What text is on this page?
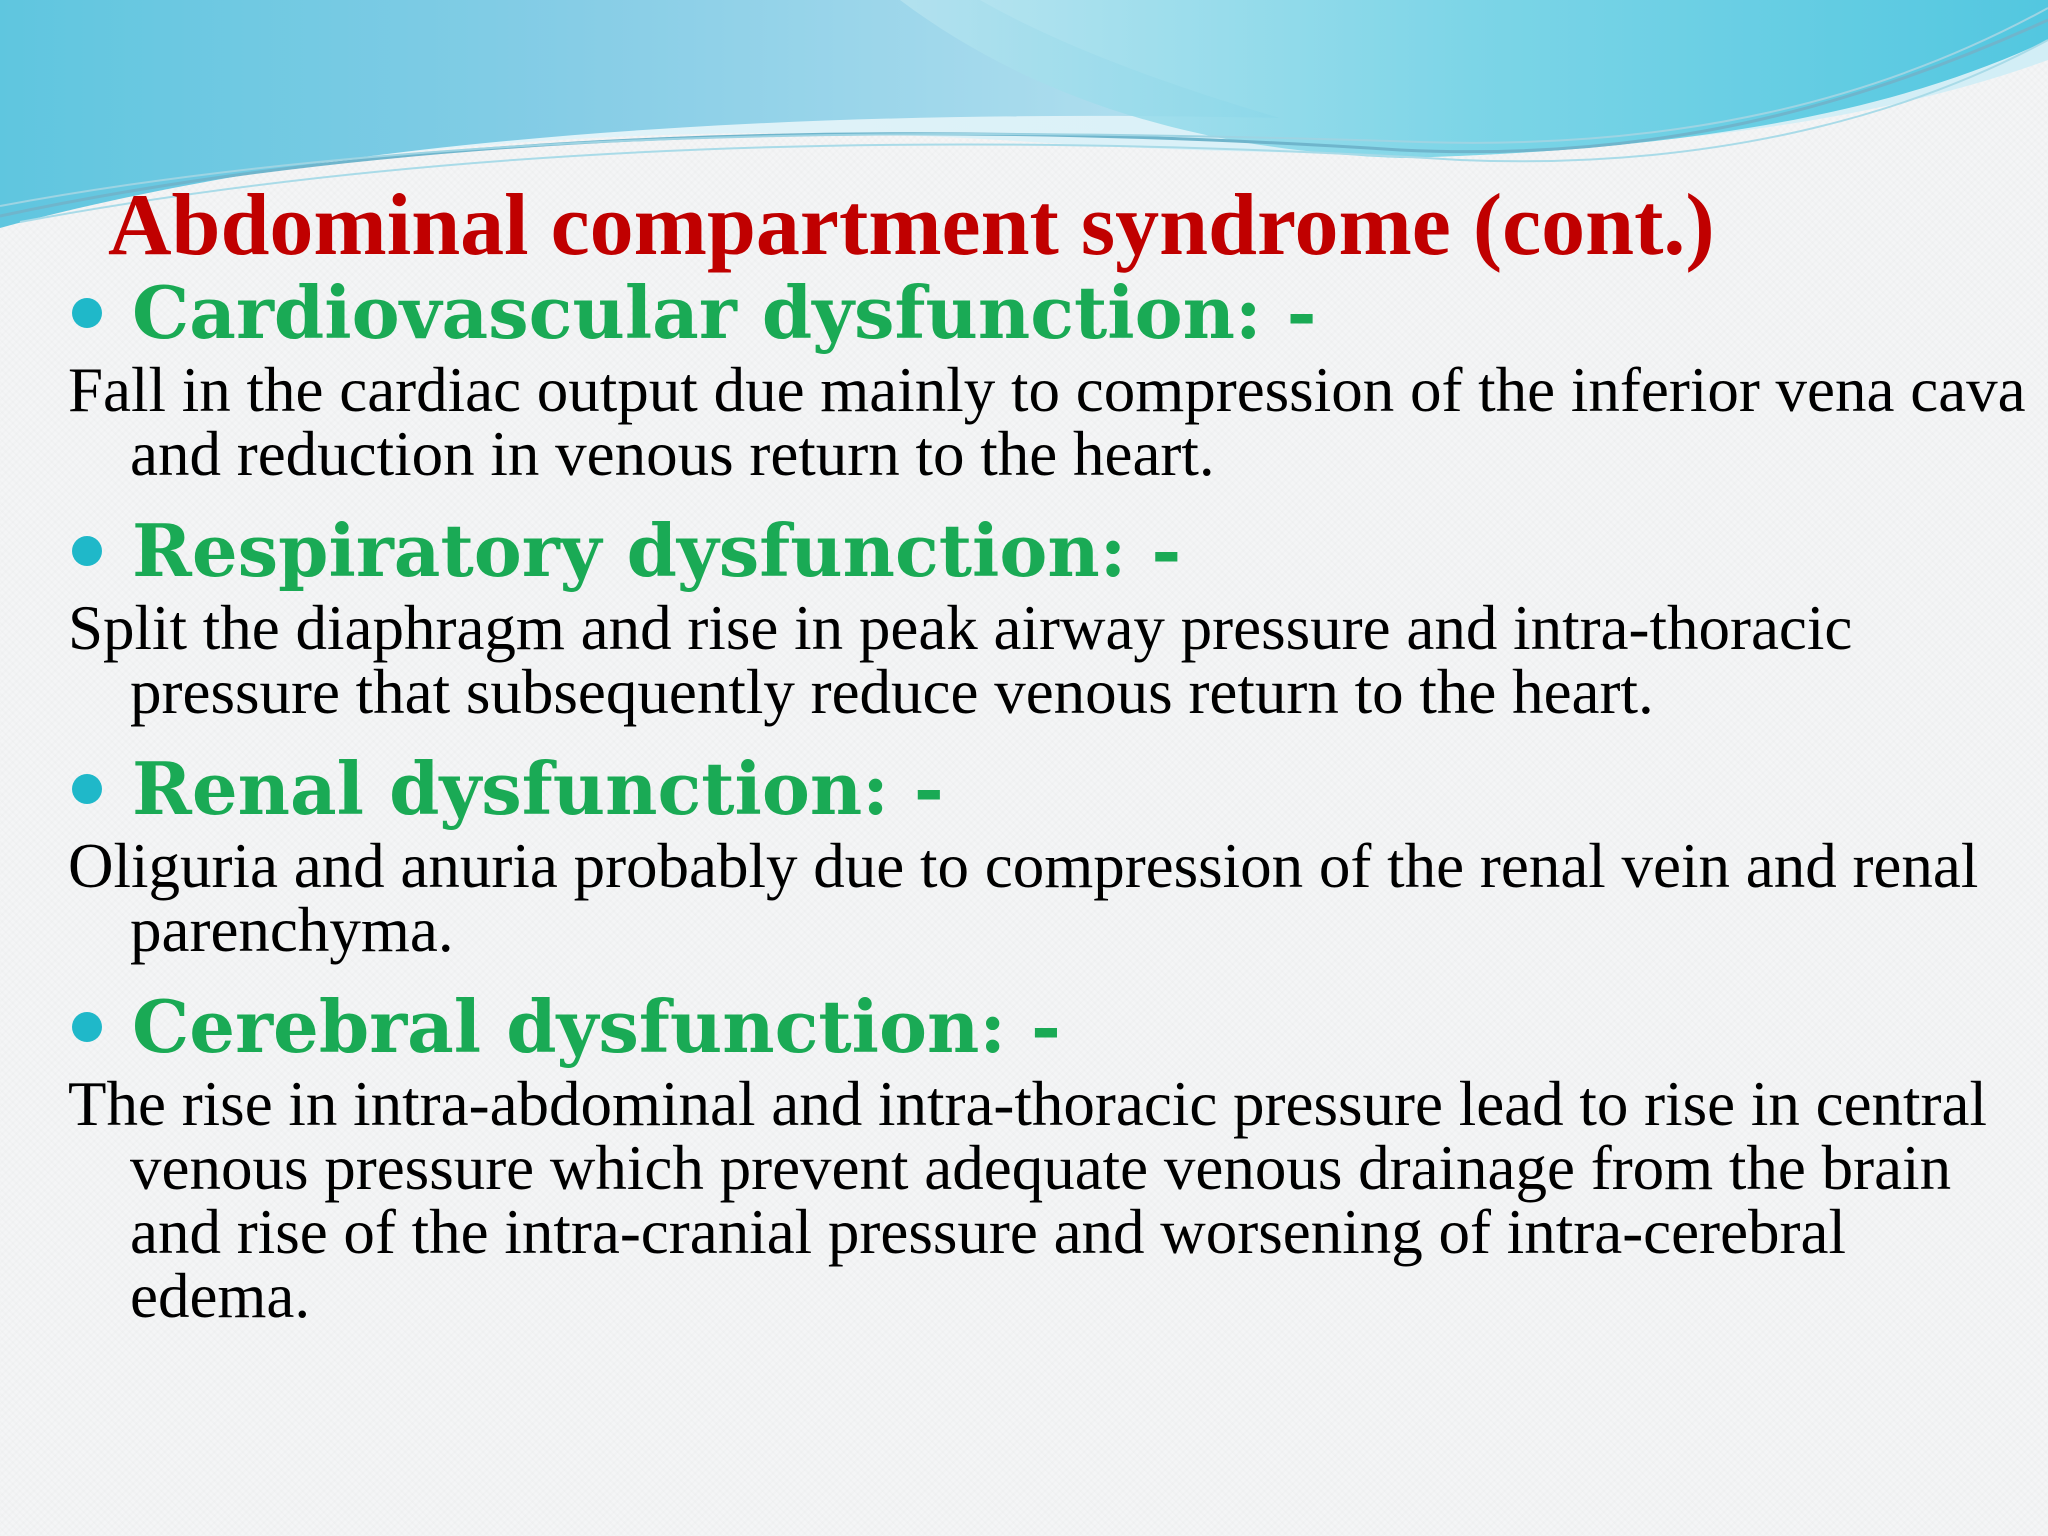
Abdominal compartment syndrome (cont.)
Cardiovascular dysfunction: -
Fall in the cardiac output due mainly to compression of the inferior vena cava and reduction in venous return to the heart.
Respiratory dysfunction: -
Split the diaphragm and rise in peak airway pressure and intra-thoracic pressure that subsequently reduce venous return to the heart.
Renal dysfunction: -
Oliguria and anuria probably due to compression of the renal vein and renal parenchyma.
Cerebral dysfunction: -
The rise in intra-abdominal and intra-thoracic pressure lead to rise in central venous pressure which prevent adequate venous drainage from the brain and rise of the intra-cranial pressure and worsening of intra-cerebral edema.
